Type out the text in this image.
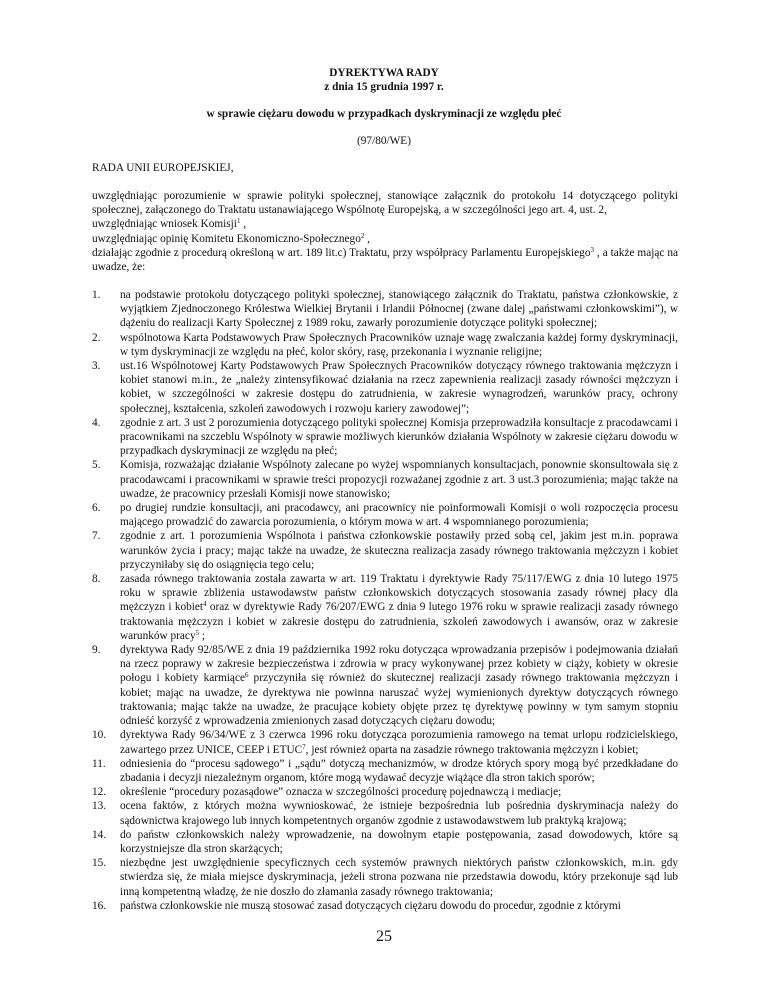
DYREKTYWA RADY
z dnia 15 grudnia 1997 r.
w sprawie ciężaru dowodu w przypadkach dyskryminacji ze względu płeć
(97/80/WE)
RADA UNII EUROPEJSKIEJ,

uwzględniając porozumienie w sprawie polityki społecznej, stanowiące załącznik do protokołu 14 dotyczącego polityki społecznej, załączonego do Traktatu ustanawiającego Wspólnotę Europejską, a w szczególności jego art. 4, ust. 2,

uwzględniając wniosek Komisji$^1$ ,

uwzględniając opinię Komitetu Ekonomiczno-Społecznego$^2$ ,

działając zgodnie z procedurą określoną w art. 189 lit.c) Traktatu, przy współpracy Parlamentu Europejskiego$^3$ , a także mając na uwadze, że:

1.	na podstawie protokołu dotyczącego polityki społecznej, stanowiącego załącznik do Traktatu, państwa członkowskie, z wyjątkiem Zjednoczonego Królestwa Wielkiej Brytanii i Irlandii Północnej (zwane dalej „państwami członkowskimi”), w dążeniu do realizacji Karty Społecznej z 1989 roku, zawarły porozumienie dotyczące polityki społecznej;
2.	wspólnotowa Karta Podstawowych Praw Społecznych Pracowników uznaje wagę zwalczania każdej formy dyskryminacji, w tym dyskryminacji ze względu na płeć, kolor skóry, rasę, przekonania i wyznanie religijne;
3.	ust.16 Wspólnotowej Karty Podstawowych Praw Społecznych Pracowników dotyczący równego traktowania mężczyzn i kobiet stanowi m.in., że „należy zintensyfikować działania na rzecz zapewnienia realizacji zasady równości mężczyzn i kobiet, w szczególności w zakresie dostępu do zatrudnienia, w zakresie wynagrodzeń, warunków pracy, ochrony społecznej, kształcenia, szkoleń zawodowych i rozwoju kariery zawodowej”;
4.	zgodnie z art. 3 ust 2 porozumienia dotyczącego polityki społecznej Komisja przeprowadziła konsultacje z pracodawcami i pracownikami na szczeblu Wspólnoty w sprawie możliwych kierunków działania Wspólnoty w zakresie ciężaru dowodu w przypadkach dyskryminacji ze względu na płeć;
5.	Komisja, rozważając działanie Wspólnoty zalecane po wyżej wspomnianych konsultacjach, ponownie skonsultowała się z pracodawcami i pracownikami w sprawie treści propozycji rozważanej zgodnie z art. 3 ust.3 porozumienia; mając także na uwadze, że pracownicy przesłali Komisji nowe stanowisko;
6.	po drugiej rundzie konsultacji, ani pracodawcy, ani pracownicy nie poinformowali Komisji o woli rozpoczęcia procesu mającego prowadzić do zawarcia porozumienia, o którym mowa w art. 4 wspomnianego porozumienia;
7.	zgodnie z art. 1 porozumienia Wspólnota i państwa członkowskie postawiły przed sobą cel, jakim jest m.in. poprawa warunków życia i pracy; mając także na uwadze, że skuteczna realizacja zasady równego traktowania mężczyzn i kobiet przyczyniłaby się do osiągnięcia tego celu;
8.	zasada równego traktowania została zawarta w art. 119 Traktatu i dyrektywie Rady 75/117/EWG z dnia 10 lutego 1975 roku w sprawie zbliżenia ustawodawstw państw członkowskich dotyczących stosowania zasady równej płacy dla mężczyzn i kobiet$^4$ oraz w dyrektywie Rady 76/207/EWG z dnia 9 lutego 1976 roku w sprawie realizacji zasady równego traktowania mężczyzn i kobiet w zakresie dostępu do zatrudnienia, szkoleń zawodowych i awansów, oraz w zakresie warunków pracy$^5$ ;
9.	dyrektywa Rady 92/85/WE z dnia 19 października 1992 roku dotycząca wprowadzania przepisów i podejmowania działań na rzecz poprawy w zakresie bezpieczeństwa i zdrowia w pracy wykonywanej przez kobiety w ciąży, kobiety w okresie połogu i kobiety karmiące$^6$ przyczyniła się również do skutecznej realizacji zasady równego traktowania mężczyzn i kobiet; mając na uwadze, że dyrektywa nie powinna naruszać wyżej wymienionych dyrektyw dotyczących równego traktowania; mając także na uwadze, że pracujące kobiety objęte przez tę dyrektywę powinny w tym samym stopniu odnieść korzyść z wprowadzenia zmienionych zasad dotyczących ciężaru dowodu;
10.	dyrektywa Rady 96/34/WE z 3 czerwca 1996 roku dotycząca porozumienia ramowego na temat urlopu rodzicielskiego, zawartego przez UNICE, CEEP i ETUC$^7$, jest również oparta na zasadzie równego traktowania mężczyzn i kobiet;
11.	odniesienia do “procesu sądowego” i „sądu” dotyczą mechanizmów, w drodze których spory mogą być przedkładane do zbadania i decyzji niezależnym organom, które mogą wydawać decyzje wiążące dla stron takich sporów;
12.	określenie “procedury pozasądowe” oznacza w szczególności procedurę pojednawczą i mediacje;
13.	ocena faktów, z których można wywnioskować, że istnieje bezpośrednia lub pośrednia dyskryminacja należy do sądownictwa krajowego lub innych kompetentnych organów zgodnie z ustawodawstwem lub praktyką krajową;
14.	do państw członkowskich należy wprowadzenie, na dowolnym etapie postępowania, zasad dowodowych, które są korzystniejsze dla stron skarżących;
15.	niezbędne jest uwzględnienie specyficznych cech systemów prawnych niektórych państw członkowskich, m.in. gdy stwierdza się, że miała miejsce dyskryminacja, jeżeli strona pozwana nie przedstawia dowodu, który przekonuje sąd lub inną kompetentną władzę, że nie doszło do złamania zasady równego traktowania;
16.	państwa członkowskie nie muszą stosować zasad dotyczących ciężaru dowodu do procedur, zgodnie z którymi
25
